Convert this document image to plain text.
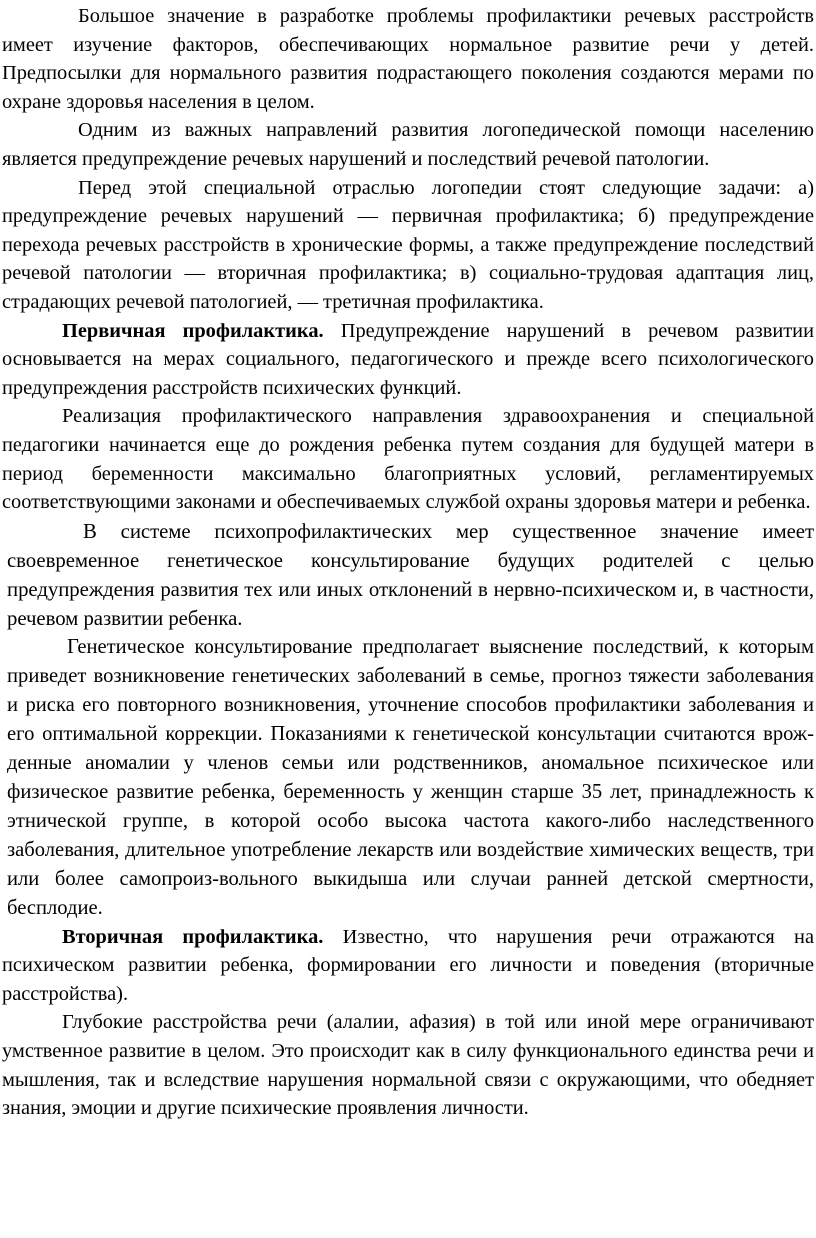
Большое значение в разработке проблемы профилактики речевых расстройств имеет изучение факторов, обеспечивающих нормальное развитие речи у детей. Предпосылки для нормального развития подрастающего поколения создаются мерами по охране здоровья населения в целом.

Одним из важных направлений развития логопедической помощи населению является предупреждение речевых нарушений и последствий речевой патологии.

Перед этой специальной отраслью логопедии стоят следующие задачи: а) предупреждение речевых нарушений — первичная профилактика; б) предупреждение перехода речевых расстройств в хронические формы, а также предупреждение последствий речевой патологии — вторичная профилактика; в) социально-трудовая адаптация лиц, страдающих речевой патологией, — третичная профилактика.

Первичная профилактика. Предупреждение нарушений в речевом развитии основывается на мерах социального, педагогического и прежде всего психологического предупреждения расстройств психических функций.

Реализация профилактического направления здравоохранения и специальной педагогики начинается еще до рождения ребенка путем создания для будущей матери в период беременности максимально благоприятных условий, регламентируемых соответствующими законами и обеспечиваемых службой охраны здоровья матери и ребенка.

В системе психопрофилактических мер существенное значение имеет своевременное генетическое консультирование будущих родителей с целью предупреждения развития тех или иных отклонений в нервно-психическом и, в частности, речевом развитии ребенка.

Генетическое консультирование предполагает выяснение последствий, к которым приведет возникновение генетических заболеваний в семье, прогноз тяжести заболевания и риска его повторного возникновения, уточнение способов профилактики заболевания и его оптимальной коррекции. Показаниями к генетической консультации считаются врож-денные аномалии у членов семьи или родственников, аномальное психическое или физическое развитие ребенка, беременность у женщин старше 35 лет, принадлежность к этнической группе, в которой особо высока частота какого-либо наследственного заболевания, длительное употребление лекарств или воздействие химических веществ, три или более самопроиз-вольного выкидыша или случаи ранней детской смертности, бесплодие.

Вторичная профилактика. Известно, что нарушения речи отражаются на психическом развитии ребенка, формировании его личности и поведения (вторичные расстройства).

Глубокие расстройства речи (алалии, афазия) в той или иной мере ограничивают умственное развитие в целом. Это происходит как в силу функционального единства речи и мышления, так и вследствие нарушения нормальной связи с окружающими, что обедняет знания, эмоции и другие психические проявления личности.
